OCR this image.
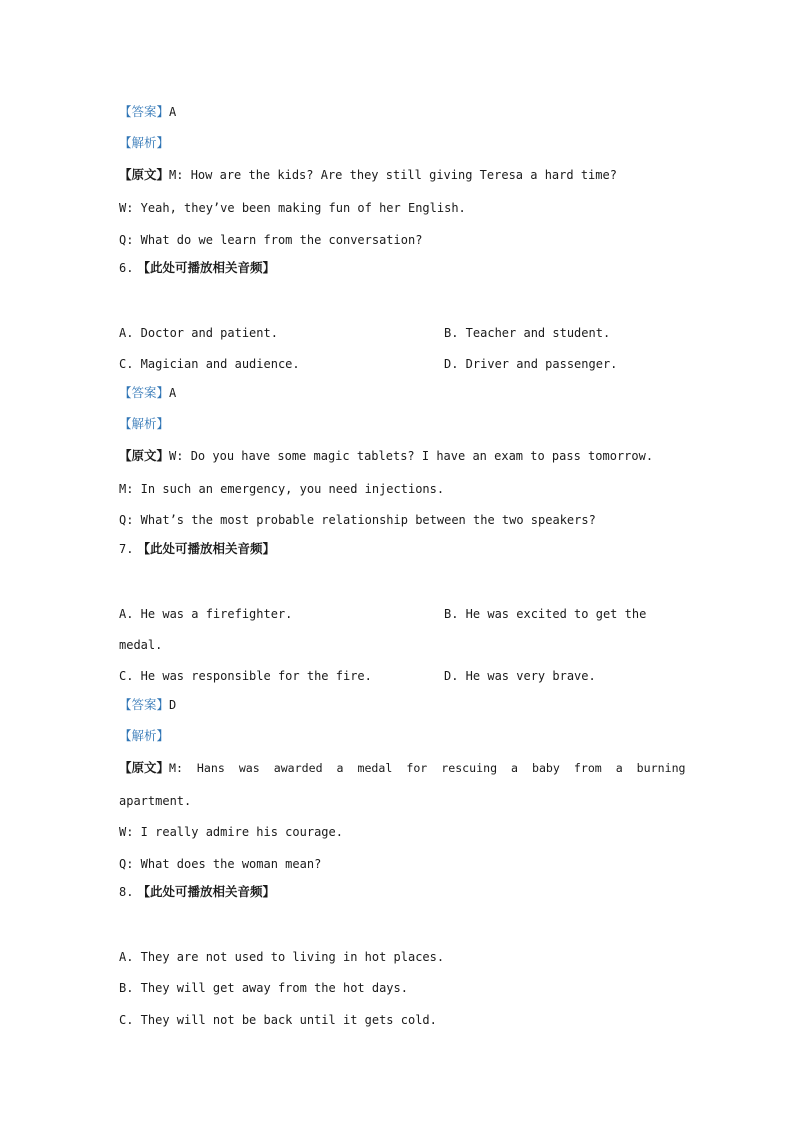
【答案】A
【解析】
【原文】M: How are the kids? Are they still giving Teresa a hard time?
W: Yeah, they’ve been making fun of her English.
Q: What do we learn from the conversation?
6. 【此处可播放相关音频】
A. Doctor and patient.	B. Teacher and student.
C. Magician and audience.	D. Driver and passenger.
【答案】A
【解析】
【原文】W: Do you have some magic tablets? I have an exam to pass tomorrow.
M: In such an emergency, you need injections.
Q: What’s the most probable relationship between the two speakers?
7. 【此处可播放相关音频】
A. He was a firefighter.	B. He was excited to get the
medal.
C. He was responsible for the fire.	D. He was very brave.
【答案】D
【解析】
【原文】M:  Hans  was  awarded  a  medal  for  rescuing  a  baby  from  a  burning
apartment.
W: I really admire his courage.
Q: What does the woman mean?
8. 【此处可播放相关音频】
A. They are not used to living in hot places.
B. They will get away from the hot days.
C. They will not be back until it gets cold.
